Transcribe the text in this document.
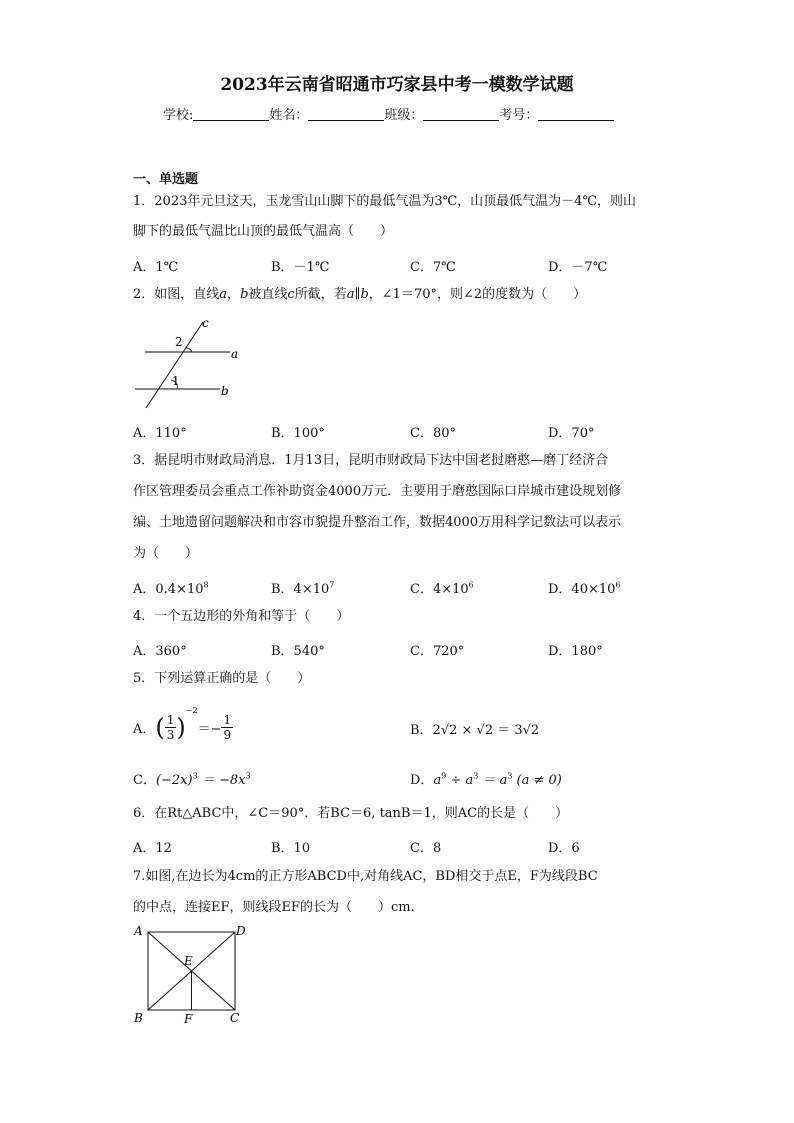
2023年云南省昭通市巧家县中考一模数学试题
学校:	姓名：	班级：	考号：
一、单选题
1．2023年元旦这天，玉龙雪山山脚下的最低气温为3℃，山顶最低气温为－4℃，则山
脚下的最低气温比山顶的最低气温高（　　）
A．1℃	B．－1℃	C．7℃	D．－7℃
2．如图，直线a，b被直线c所截，若a∥b，∠1＝70°，则∠2的度数为（　　）
c
2
a
1
b
A．110°	B．100°	C．80°	D．70°
3．据昆明市财政局消息．1月13日，昆明市财政局下达中国老挝磨憨—磨丁经济合
作区管理委员会重点工作补助资金4000万元．主要用于磨憨国际口岸城市建设规划修
编、土地遗留问题解决和市容市貌提升整治工作，数据4000万用科学记数法可以表示
为（　　）
A．$0.4\times 10^8$	B．$4\times 10^7$	C．$4\times 10^6$	D．$40\times 10^6$
4．一个五边形的外角和等于（　　）
A．360°	B．540°	C．720°	D．180°
5．下列运算正确的是（　　）
A．( $\frac{1}{3} )^{-2}=- \frac{1}{9}$	B．2√2 × √2 ＝ 3√2
C．$(-2x)^3 = -8x^3$	D．$a^9 \div a^3 = a^3$ (a ≠ 0)
6．在Rt△ABC中，∠C＝90°．若BC＝6, tanB＝1，则AC的长是（　　）
A．12	B．10	C．8	D．6
7.如图,在边长为4cm的正方形ABCD中,对角线AC，BD相交于点E，F为线段BC
的中点，连接EF，则线段EF的长为（　　）cm.
A	D
E
B	F	C
